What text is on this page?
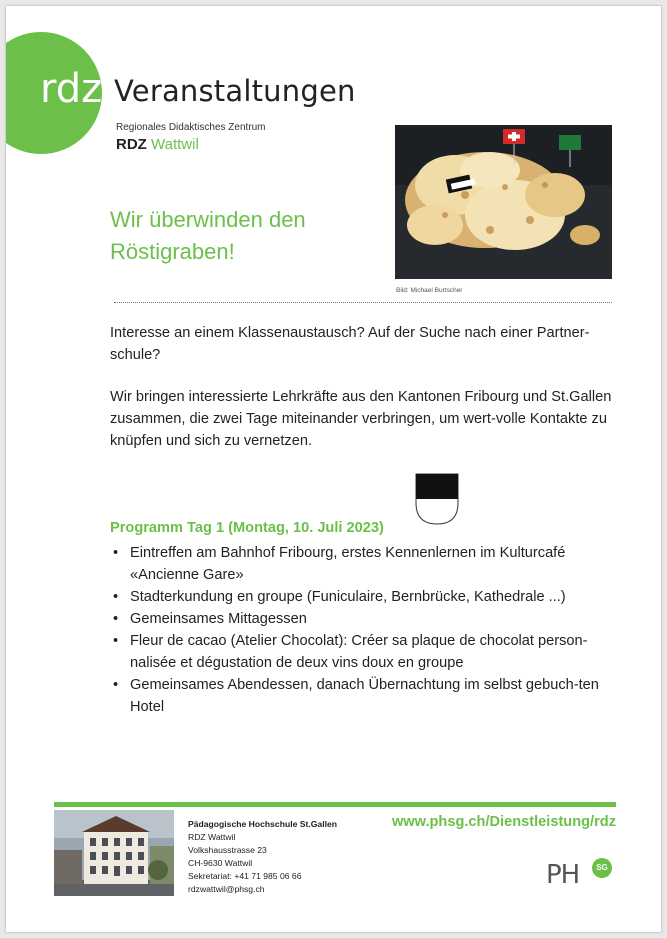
rdz Veranstaltungen
Regionales Didaktisches Zentrum
RDZ Wattwil
Wir überwinden den
Röstigraben!
Bild: Michael Burtscher
Interesse an einem Klassenaustausch? Auf der Suche nach einer Partner-schule?
Wir bringen interessierte Lehrkräfte aus den Kantonen Fribourg und St.Gallen zusammen, die zwei Tage miteinander verbringen, um wert-volle Kontakte zu knüpfen und sich zu vernetzen.
Programm Tag 1 (Montag, 10. Juli 2023)
• Eintreffen am Bahnhof Fribourg, erstes Kennenlernen im Kulturcafé «Ancienne Gare»
• Stadterkundung en groupe (Funiculaire, Bernbrücke, Kathedrale ...)
• Gemeinsames Mittagessen
• Fleur de cacao (Atelier Chocolat): Créer sa plaque de chocolat person-nalisée et dégustation de deux vins doux en groupe
• Gemeinsames Abendessen, danach Übernachtung im selbst gebuch-ten Hotel
Pädagogische Hochschule St.Gallen
RDZ Wattwil
Volkshausstrasse 23
CH-9630 Wattwil
Sekretariat: +41 71 985 06 66
rdzwattwil@phsg.ch
www.phsg.ch/Dienstleistung/rdz
PH	SG
